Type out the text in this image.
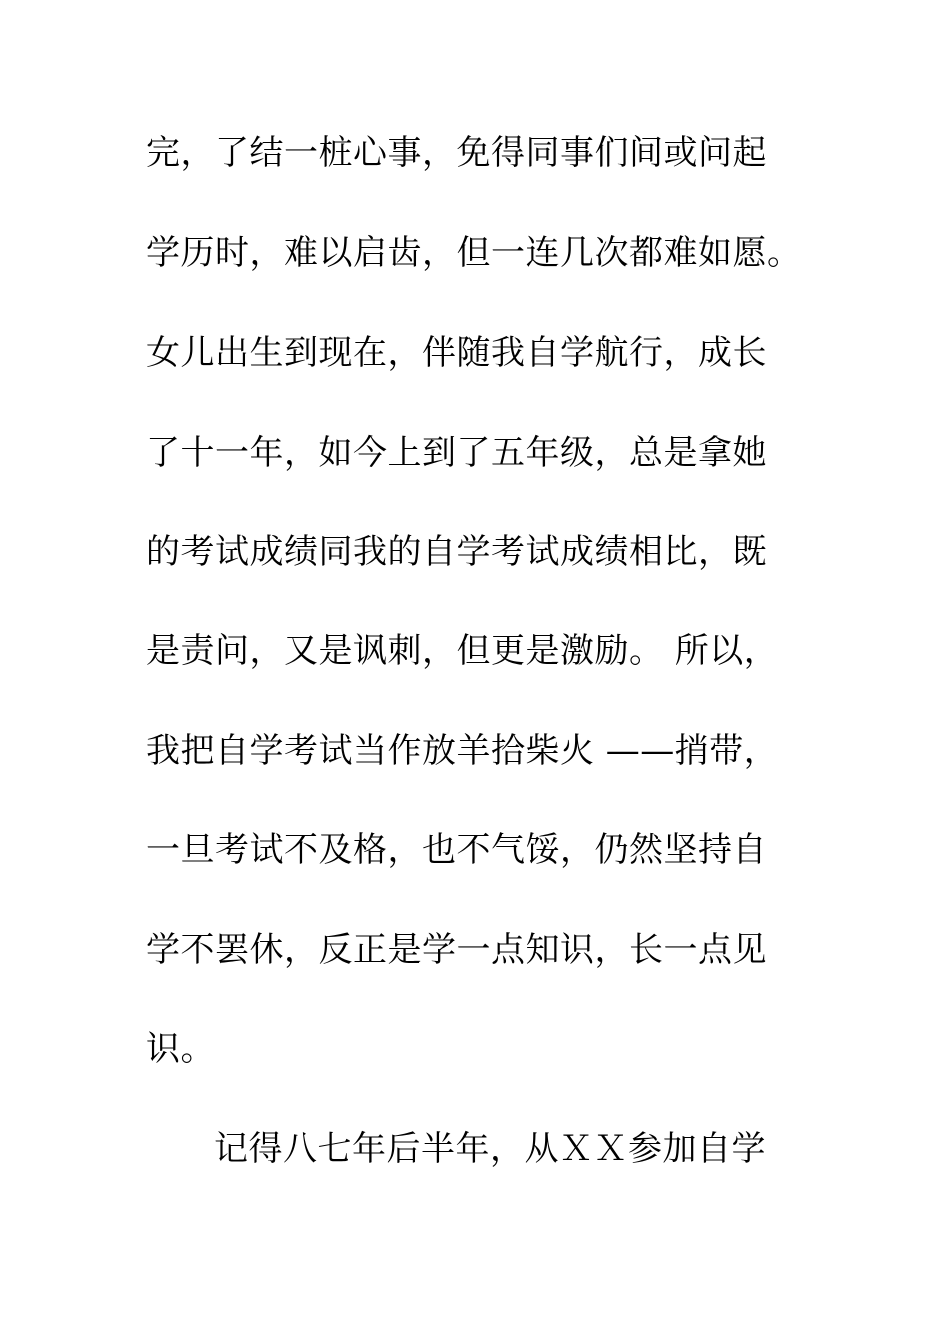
完，了结一桩心事，免得同事们间或问起

学历时，难以启齿，但一连几次都难如愿。

女儿出生到现在，伴随我自学航行，成长

了十一年，如今上到了五年级，总是拿她

的考试成绩同我的自学考试成绩相比，既

是责问，又是讽刺，但更是激励。 所以，

我把自学考试当作放羊拾柴火 ——捎带，

一旦考试不及格，也不气馁，仍然坚持自

学不罢休，反正是学一点知识，长一点见

识。

记得八七年后半年，从ＸＸ参加自学
